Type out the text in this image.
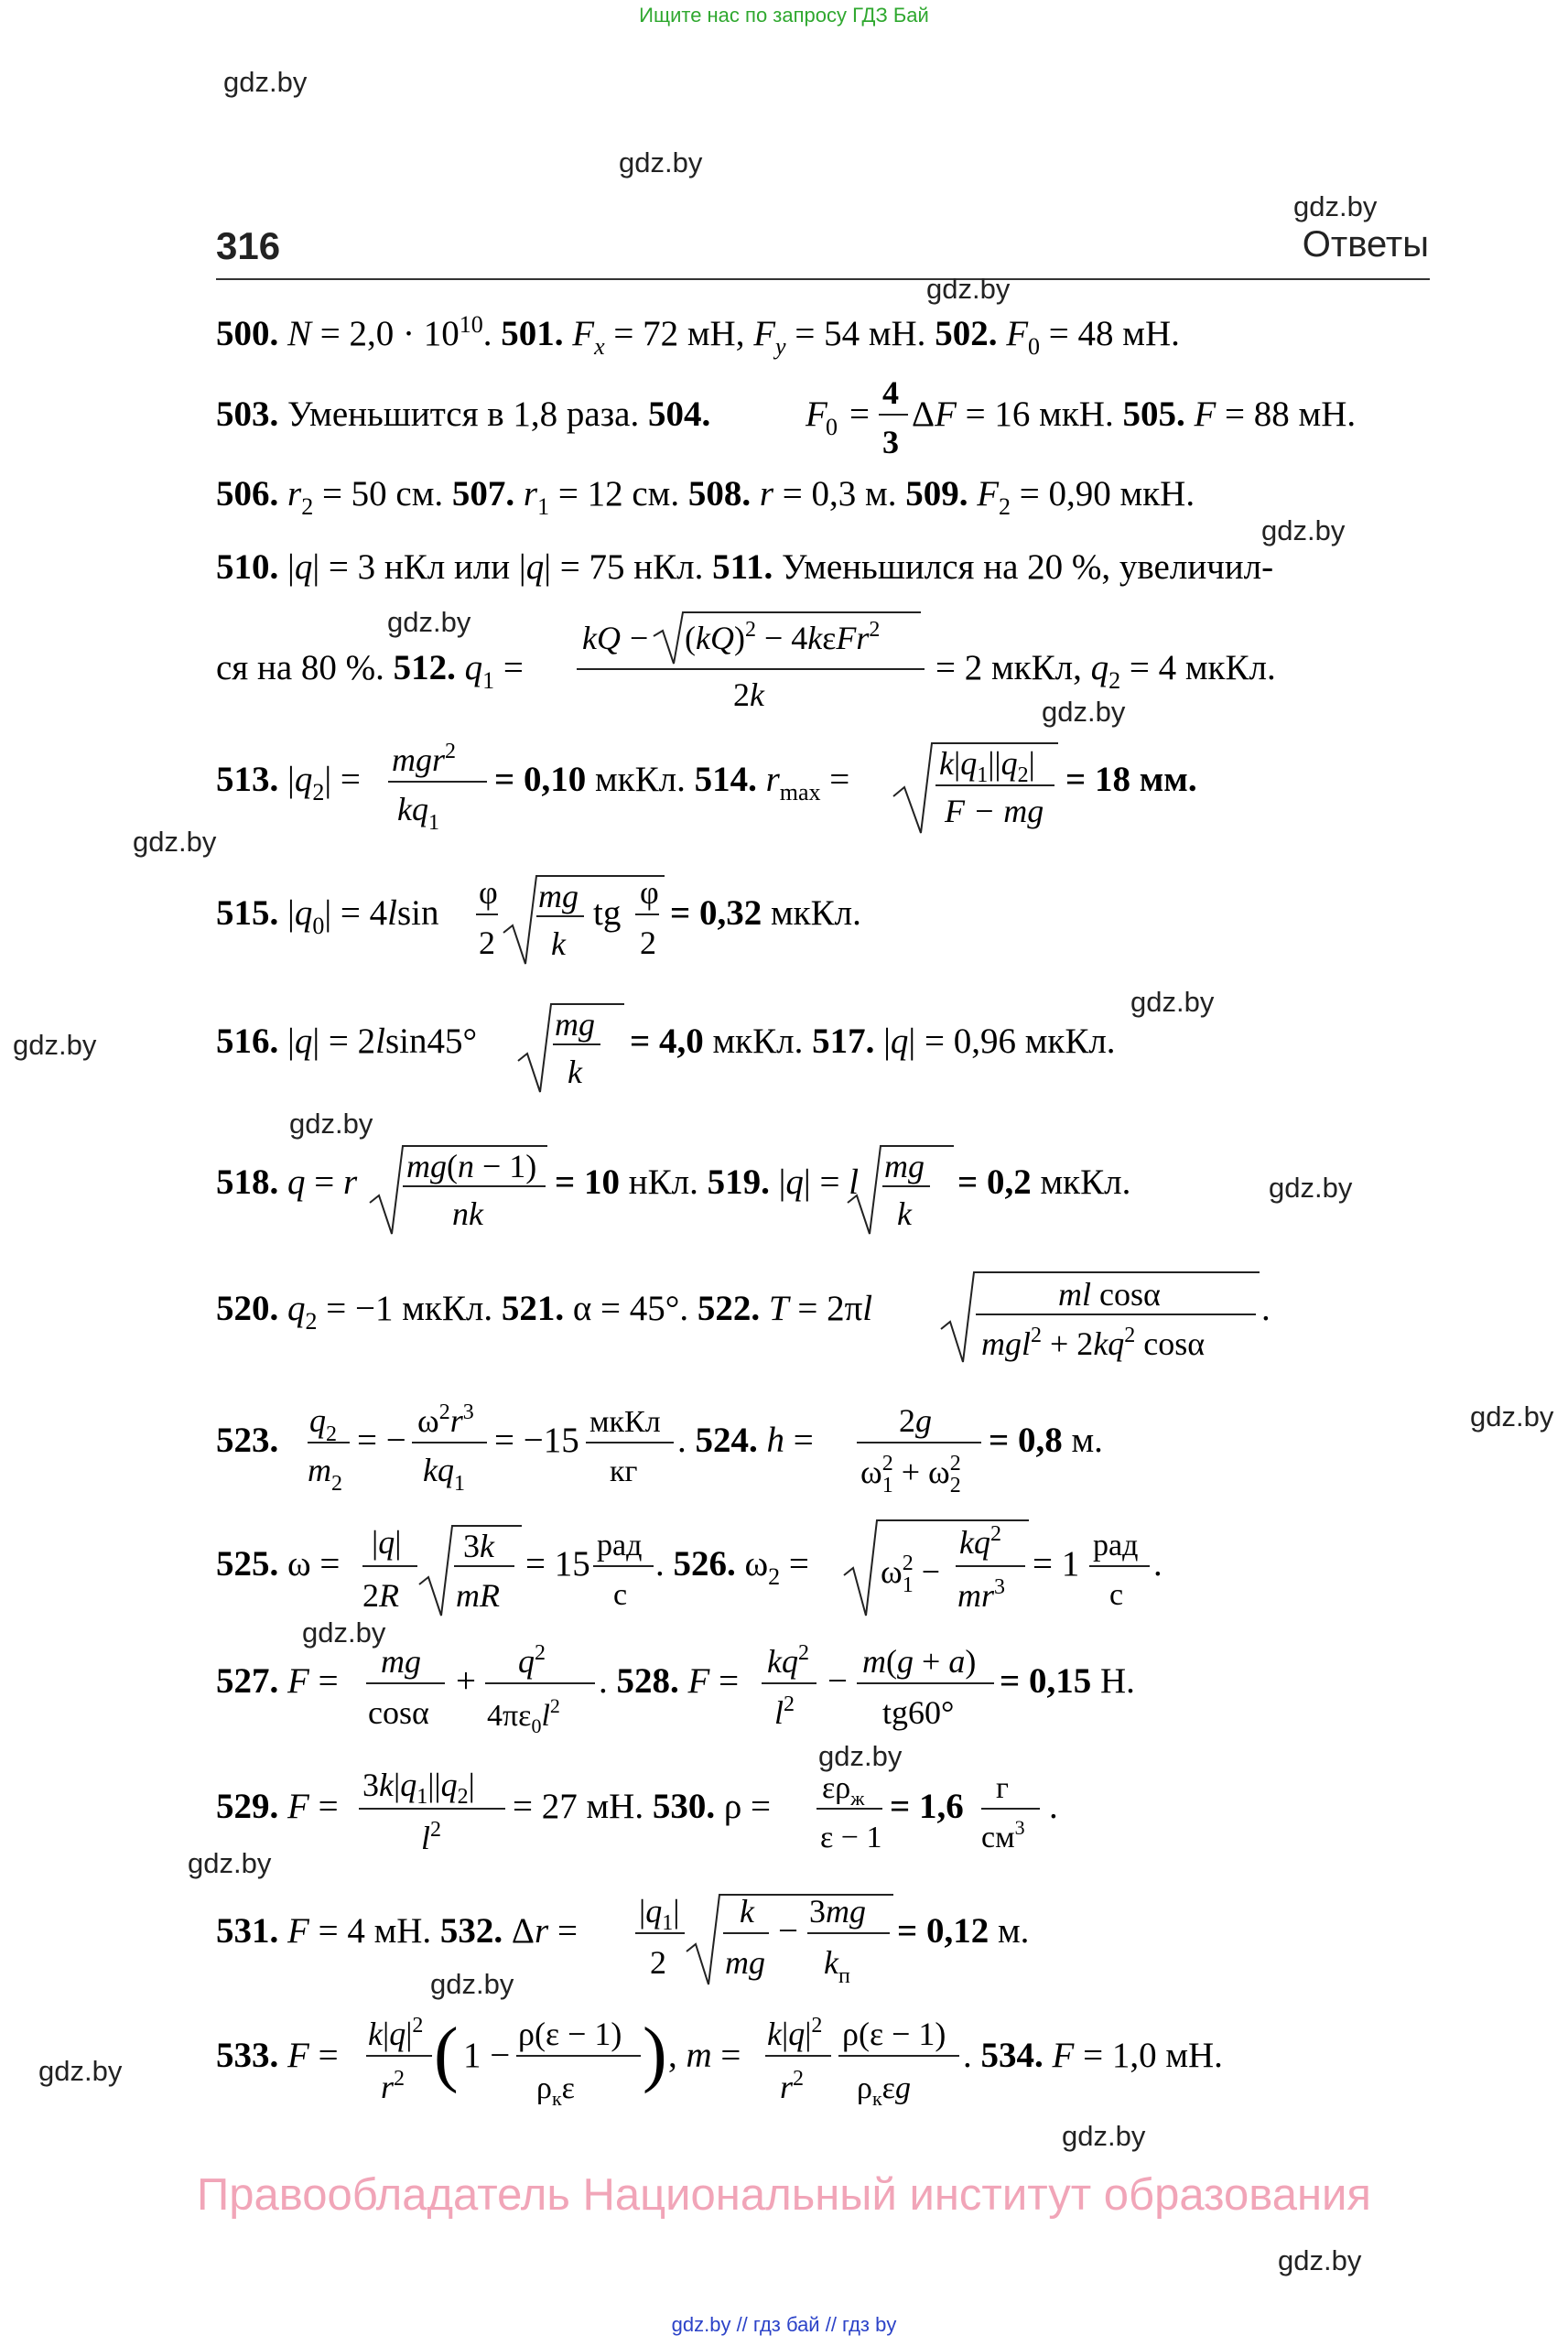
Ищите нас по запросу ГДЗ Бай
316	Ответы
gdz.by
gdz.by
gdz.by
gdz.by
gdz.by
gdz.by
gdz.by
gdz.by
gdz.by
gdz.by
gdz.by
gdz.by
gdz.by
gdz.by
gdz.by
gdz.by
gdz.by
gdz.by
gdz.by
gdz.by
500. $N = 2,0 \cdot 10^{10}$. 501. $F_x = 72$ мН, $F_y = 54$ мН. 502. $F_0 = 48$ мН.
503. Уменьшится в 1,8 раза. 504.	F
0 =
4
3
ΔF = 16 мкН. 505. F = 88 мН.
506. $r_2 = 50$ см. 507. $r_1 = 12$ см. 508. r = 0,3 м. 509. $F_2 = 0,90$ мкН.
510. |q| = 3 нКл или |q| = 75 нКл. 511. Уменьшился на 20 %, увеличил-
ся на 80 %. 512. $q_1$ =
kQ − (kQ)$^2$ − 4kεFr$^2$
2k
= 2 мкКл, $q_2 = 4$ мкКл.
513. $|q_2| = mgr^2$
$kq_1$
= 0,10 мкКл. 514. $r_{max}$ =	$k|q_1||q_2|$
F − mg
= 18 мм.
515. $|q_0| = 4lsin$
φ
2
mg
k
tg
φ
2
= 0,32 мкКл.
516. |q| = 2lsin45° mg
k
= 4,0 мкКл. 517. |q| = 0,96 мкКл.
518. q = r mg(n − 1)
nk
= 10 нКл. 519. |q| = l mg
k
= 0,2 мкКл.
520. $q_2 = -1$ мкКл. 521. α = 45°. 522. T = 2πl	ml cosα
$mgl^2 + 2kq^2$ cosα
.
523. $q_2$
$m_2$
= − $\omega^2r^3$
$kq_1$
= −15 мкКл
кг
. 524. h =	2g
$\omega_12 + \omega_22$
= 0,8 м.
525. ω =
|q|
2R
3k
mR
= 15 рад
с
. 526. $\omega_2 = \omega_12$ −
$kq^2$
$mr^3$
= 1 рад
с
.
527. F = mg
cosα
+ $q^2$
$4\pi\varepsilon_0l^2$
. 528. $F = kq^2$
$l^2$
− m(g + a)
tg60°
= 0,15 Н.
529. F =
$3k|q_1||q_2|$
$l^2$
= 27 мН. 530. $\rho = \varepsilon\rho_ж$
ε − 1
= 1,6 г
$см^3$
.
531. F = 4 мН. 532. $\Delta r = |q_1|$
2
k
mg
− 3mg
$k_п$
= 0,12 м.
533. F =
$k|q|^2$
$r^2$ ( 1 −
ρ(ε − 1)
$\rho_к\varepsilon$ ) , m =
$k|q|^2$
$r^2$
ρ(ε − 1)
$\rho_к\varepsilon g$
. 534. F = 1,0 мН.
Правообладатель Национальный институт образования
gdz.by // гдз бай // гдз by
